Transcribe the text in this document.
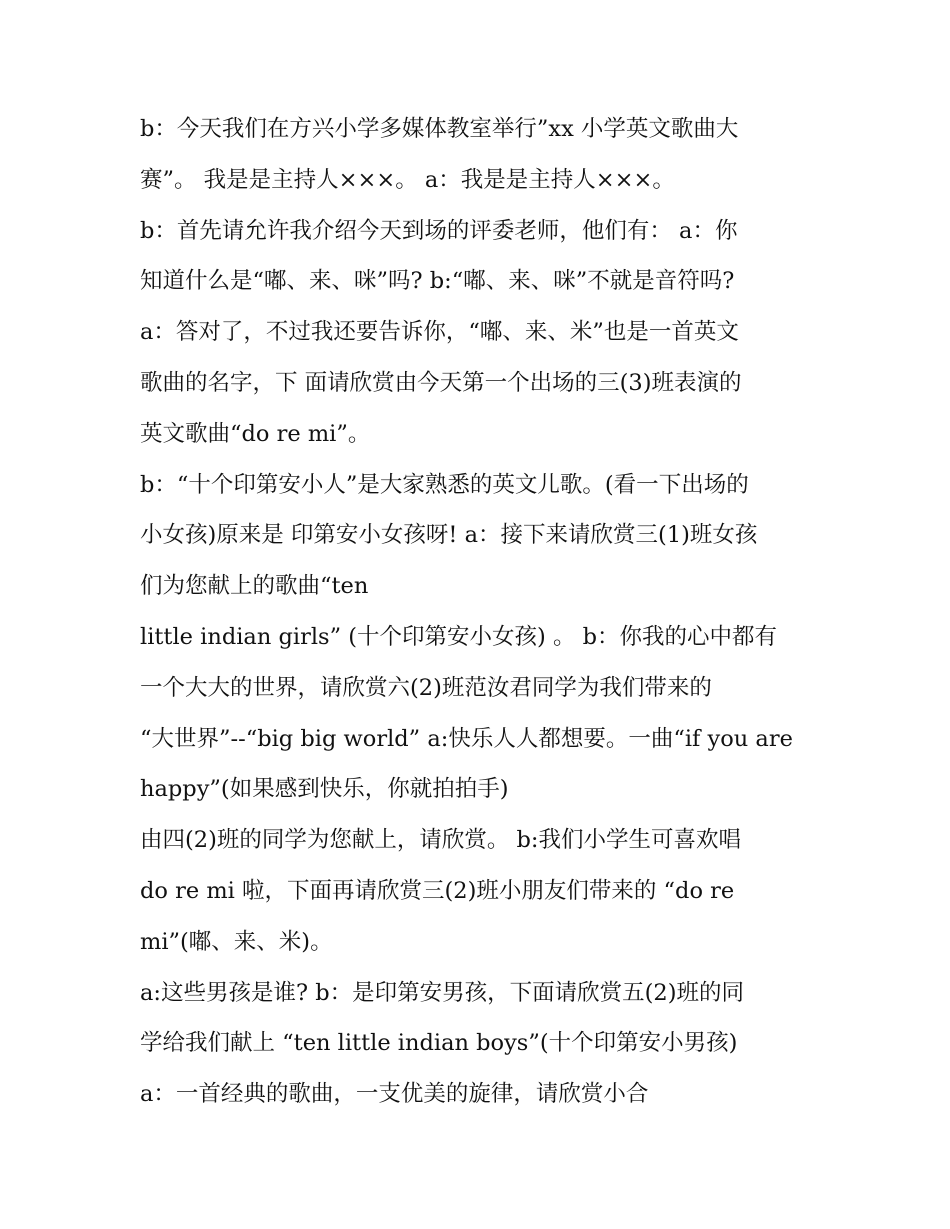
b：今天我们在方兴小学多媒体教室举行”xx 小学英文歌曲大
赛”。 我是是主持人×××。 a：我是是主持人×××。
b：首先请允许我介绍今天到场的评委老师，他们有： a：你
知道什么是“嘟、来、咪”吗? b:“嘟、来、咪”不就是音符吗?
a：答对了，不过我还要告诉你，“嘟、来、米”也是一首英文
歌曲的名字，下 面请欣赏由今天第一个出场的三(3)班表演的
英文歌曲“do re mi”。
b：“十个印第安小人”是大家熟悉的英文儿歌。(看一下出场的
小女孩)原来是 印第安小女孩呀! a：接下来请欣赏三(1)班女孩
们为您献上的歌曲“ten
little indian girls” (十个印第安小女孩) 。 b：你我的心中都有
一个大大的世界，请欣赏六(2)班范汝君同学为我们带来的
“大世界”--“big big world” a:快乐人人都想要。一曲“if you are
happy”(如果感到快乐，你就拍拍手)
由四(2)班的同学为您献上，请欣赏。 b:我们小学生可喜欢唱
do re mi 啦，下面再请欣赏三(2)班小朋友们带来的 “do re
mi”(嘟、来、米)。
a:这些男孩是谁? b：是印第安男孩，下面请欣赏五(2)班的同
学给我们献上 “ten little indian boys”(十个印第安小男孩)
a：一首经典的歌曲，一支优美的旋律，请欣赏小合
